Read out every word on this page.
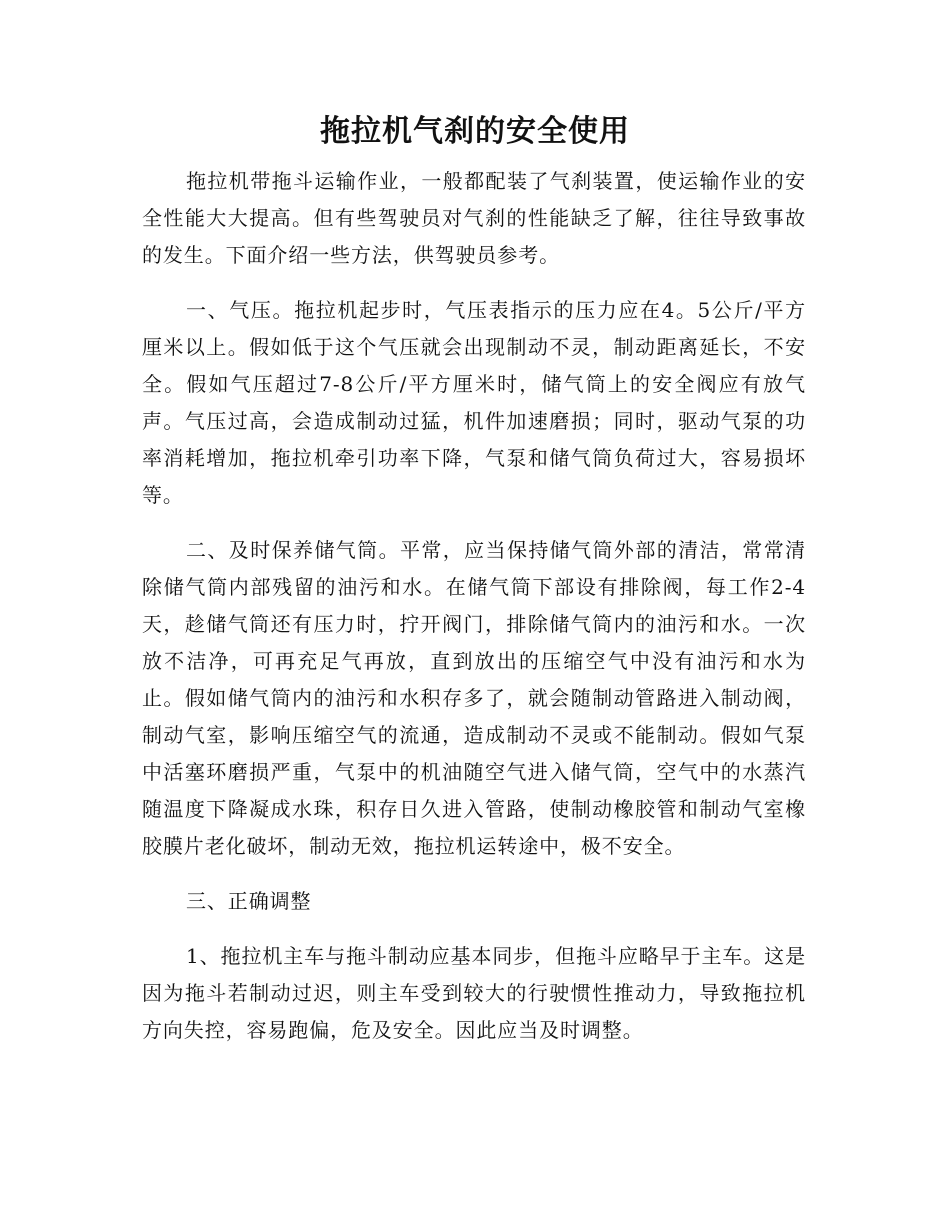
拖拉机气刹的安全使用

拖拉机带拖斗运输作业，一般都配装了气刹装置，使运输作业的安全性能大大提高。但有些驾驶员对气刹的性能缺乏了解，往往导致事故的发生。下面介绍一些方法，供驾驶员参考。

一、气压。拖拉机起步时，气压表指示的压力应在4。5公斤/平方厘米以上。假如低于这个气压就会出现制动不灵，制动距离延长，不安全。假如气压超过7-8公斤/平方厘米时，储气筒上的安全阀应有放气声。气压过高，会造成制动过猛，机件加速磨损；同时，驱动气泵的功率消耗增加，拖拉机牵引功率下降，气泵和储气筒负荷过大，容易损坏等。

二、及时保养储气筒。平常，应当保持储气筒外部的清洁，常常清除储气筒内部残留的油污和水。在储气筒下部设有排除阀，每工作2-4天，趁储气筒还有压力时，拧开阀门，排除储气筒内的油污和水。一次放不洁净，可再充足气再放，直到放出的压缩空气中没有油污和水为止。假如储气筒内的油污和水积存多了，就会随制动管路进入制动阀，制动气室，影响压缩空气的流通，造成制动不灵或不能制动。假如气泵中活塞环磨损严重，气泵中的机油随空气进入储气筒，空气中的水蒸汽随温度下降凝成水珠，积存日久进入管路，使制动橡胶管和制动气室橡胶膜片老化破坏，制动无效，拖拉机运转途中，极不安全。

三、正确调整

1、拖拉机主车与拖斗制动应基本同步，但拖斗应略早于主车。这是因为拖斗若制动过迟，则主车受到较大的行驶惯性推动力，导致拖拉机方向失控，容易跑偏，危及安全。因此应当及时调整。
